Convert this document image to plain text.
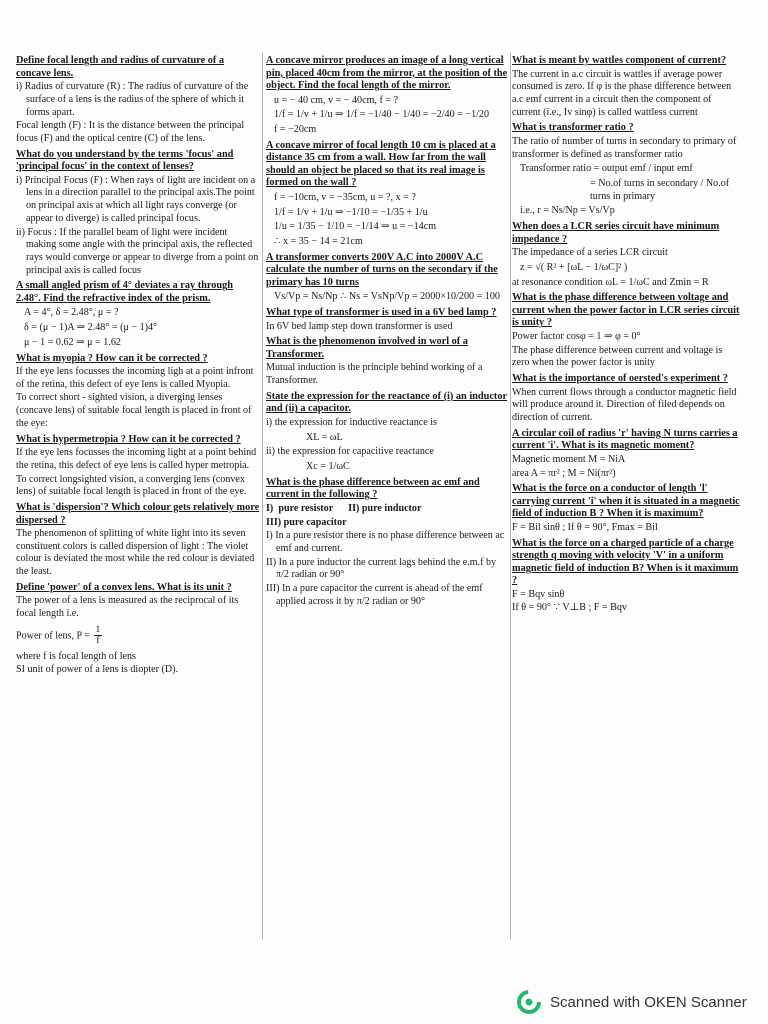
Define focal length and radius of curvature of a concave lens.
i) Radius of curvature (R) : The radius of curvature of the surface of a lens is the radius of the sphere of which it forms apart.
Focal length (F) : It is the distance between the principal focus (F) and the optical centre (C) of the lens.
What do you understand by the terms 'focus' and 'principal focus' in the context of lenses?
i) Principal Focus (F) : When rays of light are incident on a lens in a direction parallel to the principal axis.The point on principal axis at which all light rays converge (or appear to diverge) is called principal focus.
ii) Focus : If the parallel beam of light were incident making some angle with the principal axis, the reflected rays would converge or appear to diverge from a point on principal axis is called focus
A small angled prism of 4° deviates a ray through 2.48°. Find the refractive index of the prism.
A = 4°, δ = 2.48°, μ = ?
δ = (μ − 1)A ⇒ 2.48° = (μ − 1)4°
μ − 1 = 0.62 ⇒ μ = 1.62
What is myopia ? How can it be corrected ?
If the eye lens focusses the incoming ligh at a point infront of the retina, this defect of eye lens is called Myopia.
To correct short - sighted vision, a diverging lenses (concave lens) of suitable focal length is placed in front of the eye:
What is hypermetropia ? How can it be corrected ?
If the eye lens focusses the incoming light at a point behind the retina, this defect of eye lens is called hyper metropia.
To correct longsighted vision, a converging lens (convex lens) of suitable focal length is placed in front of the eye.
What is 'dispersion'? Which colour gets relatively more dispersed ?
The phenomenon of splitting of white light into its seven constituent colors is called dispersion of light : The violet colour is deviated the most while the red colour is deviated the least.
Define 'power' of a convex lens. What is its unit ?
The power of a lens is measured as the reciprocal of its focal length i.e.
Power of lens, $P = \frac{1}{f}$
where f is focal length of lens
SI unit of power of a lens is diopter (D).
A concave mirror produces an image of a long vertical pin, placed 40cm from the mirror, at the position of the object. Find the focal length of the mirror.
u = − 40 cm, v = − 40cm, f = ?
1/f = 1/v + 1/u ⇒ 1/f = −1/40 − 1/40 = −2/40 = −1/20
f = −20cm
A concave mirror of focal length 10 cm is placed at a distance 35 cm from a wall. How far from the wall should an object be placed so that its real image is formed on the wall ?
f = −10cm, v = −35cm, u = ?, x = ?
1/f = 1/v + 1/u ⇒ −1/10 = −1/35 + 1/u
1/u = 1/35 − 1/10 = −1/14 ⇒ u = −14cm
∴ x = 35 − 14 = 21cm
A transformer converts 200V A.C into 2000V A.C calculate the number of turns on the secondary if the primary has 10 turns
Vs/Vp = Ns/Np ∴ Ns = VsNp/Vp = 2000×10/200 = 100
What type of transformer is used in a 6V bed lamp ?
In 6V bed lamp step down transformer is used
What is the phenomenon involved in worl of a Transformer.
Mutual induction is the principle behind working of a Transformer.
State the expression for the reactance of (i) an inductor and (ii) a capacitor.
i) the expression for inductive reactance is
XL = ωL
ii) the expression for capacitive reactance
Xc = 1/ωC
What is the phase difference between ac emf and current in the following ?
I)  pure resistor      II) pure inductor
III) pure capacitor
I) In a pure resistor there is no phase difference between ac emf and current.
II) In a pure inductor the current lags behind the e.m.f by π/2 radian or 90°
III) In a pure capacitor the current is ahead of the emf applied across it by π/2 radian or 90°
What is meant by wattles component of current?
The current in a.c circuit is wattles if average power consumed is zero. If φ is the phase difference between a.c emf current in a circuit then the component of current (i.e., Iv sinφ) is called wattless current
What is transformer ratio ?
The ratio of number of turns in secondary to primary of transformer is defined as transformer ratio
Transformer ratio = output emf / input emf
= No.of turns in secondary / No.of turns in primary
i.e., r = Ns/Np = Vs/Vp
When does a LCR series circuit have minimum impedance ?
The impedance of a series LCR circuit
z = √( R² + [ωL − 1/ωC]² )
at resonance condition ωL = 1/ωC and Zmin = R
What is the phase difference between voltage and current when the power factor in LCR series circuit is unity ?
Power factor cosφ = 1 ⇒ φ = 0°
The phase difference between current and voltage is zero when the power factor is unity
What is the importance of oersted's experiment ?
When current flows through a conductor magnetic field will produce around it. Direction of filed depends on direction of current.
A circular coil of radius 'r' having N turns carries a current 'i'. What is its magnetic moment?
Magnetic moment M = NiA
area A = πr² ; M = Ni(πr²)
What is the force on a conductor of length 'l' carrying current 'i' when it is situated in a magnetic field of induction B ? When it is maximum?
F = Bil sinθ ; If θ = 90°, Fmax = Bil
What is the force on a charged particle of a charge strength q moving with velocity 'V' in a uniform magnetic field of induction B? When is it maximum ?
F = Bqv sinθ
If θ = 90° ∵ V⊥B ; F = Bqv
Scanned with OKEN Scanner
